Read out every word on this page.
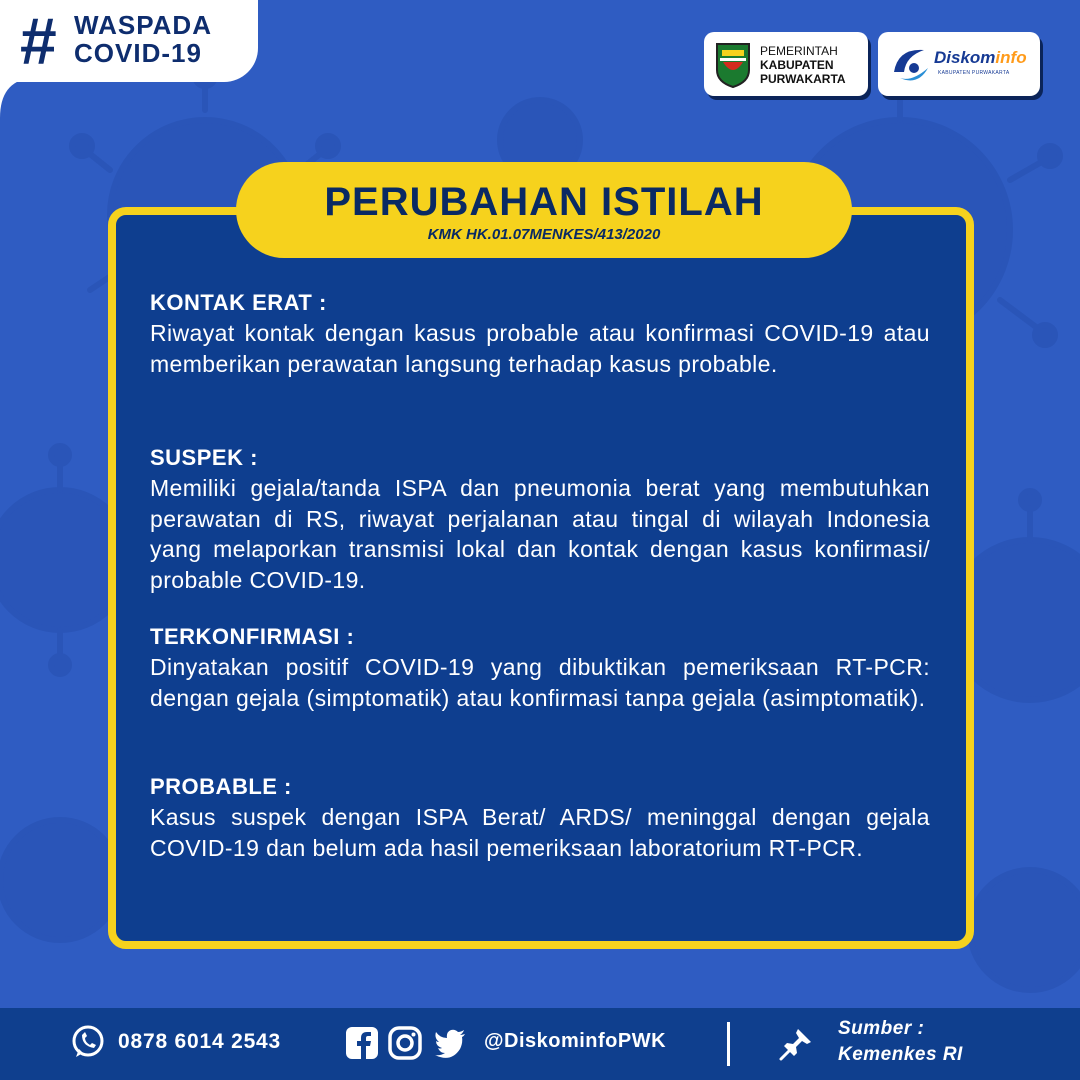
# WASPADA
COVID-19	PEMERINTAH
KABUPATEN
PURWAKARTA
Diskominfo
KABUPATEN PURWAKARTA
PERUBAHAN ISTILAH
KMK HK.01.07MENKES/413/2020
KONTAK ERAT :
Riwayat kontak dengan kasus probable atau konfirmasi COVID-19 atau memberikan perawatan langsung terhadap kasus probable.
SUSPEK :
Memiliki gejala/tanda ISPA dan pneumonia berat yang membutuhkan perawatan di RS, riwayat perjalanan atau tingal di wilayah Indonesia yang melaporkan transmisi lokal dan kontak dengan kasus konfirmasi/ probable COVID-19.
TERKONFIRMASI :
Dinyatakan positif COVID-19 yang dibuktikan pemeriksaan RT-PCR: dengan gejala (simptomatik) atau konfirmasi tanpa gejala (asimptomatik).
PROBABLE :
Kasus suspek dengan ISPA Berat/ ARDS/ meninggal dengan gejala COVID-19 dan belum ada hasil pemeriksaan laboratorium RT-PCR.
0878 6014 2543	@DiskominfoPWK
Sumber :
Kemenkes RI
